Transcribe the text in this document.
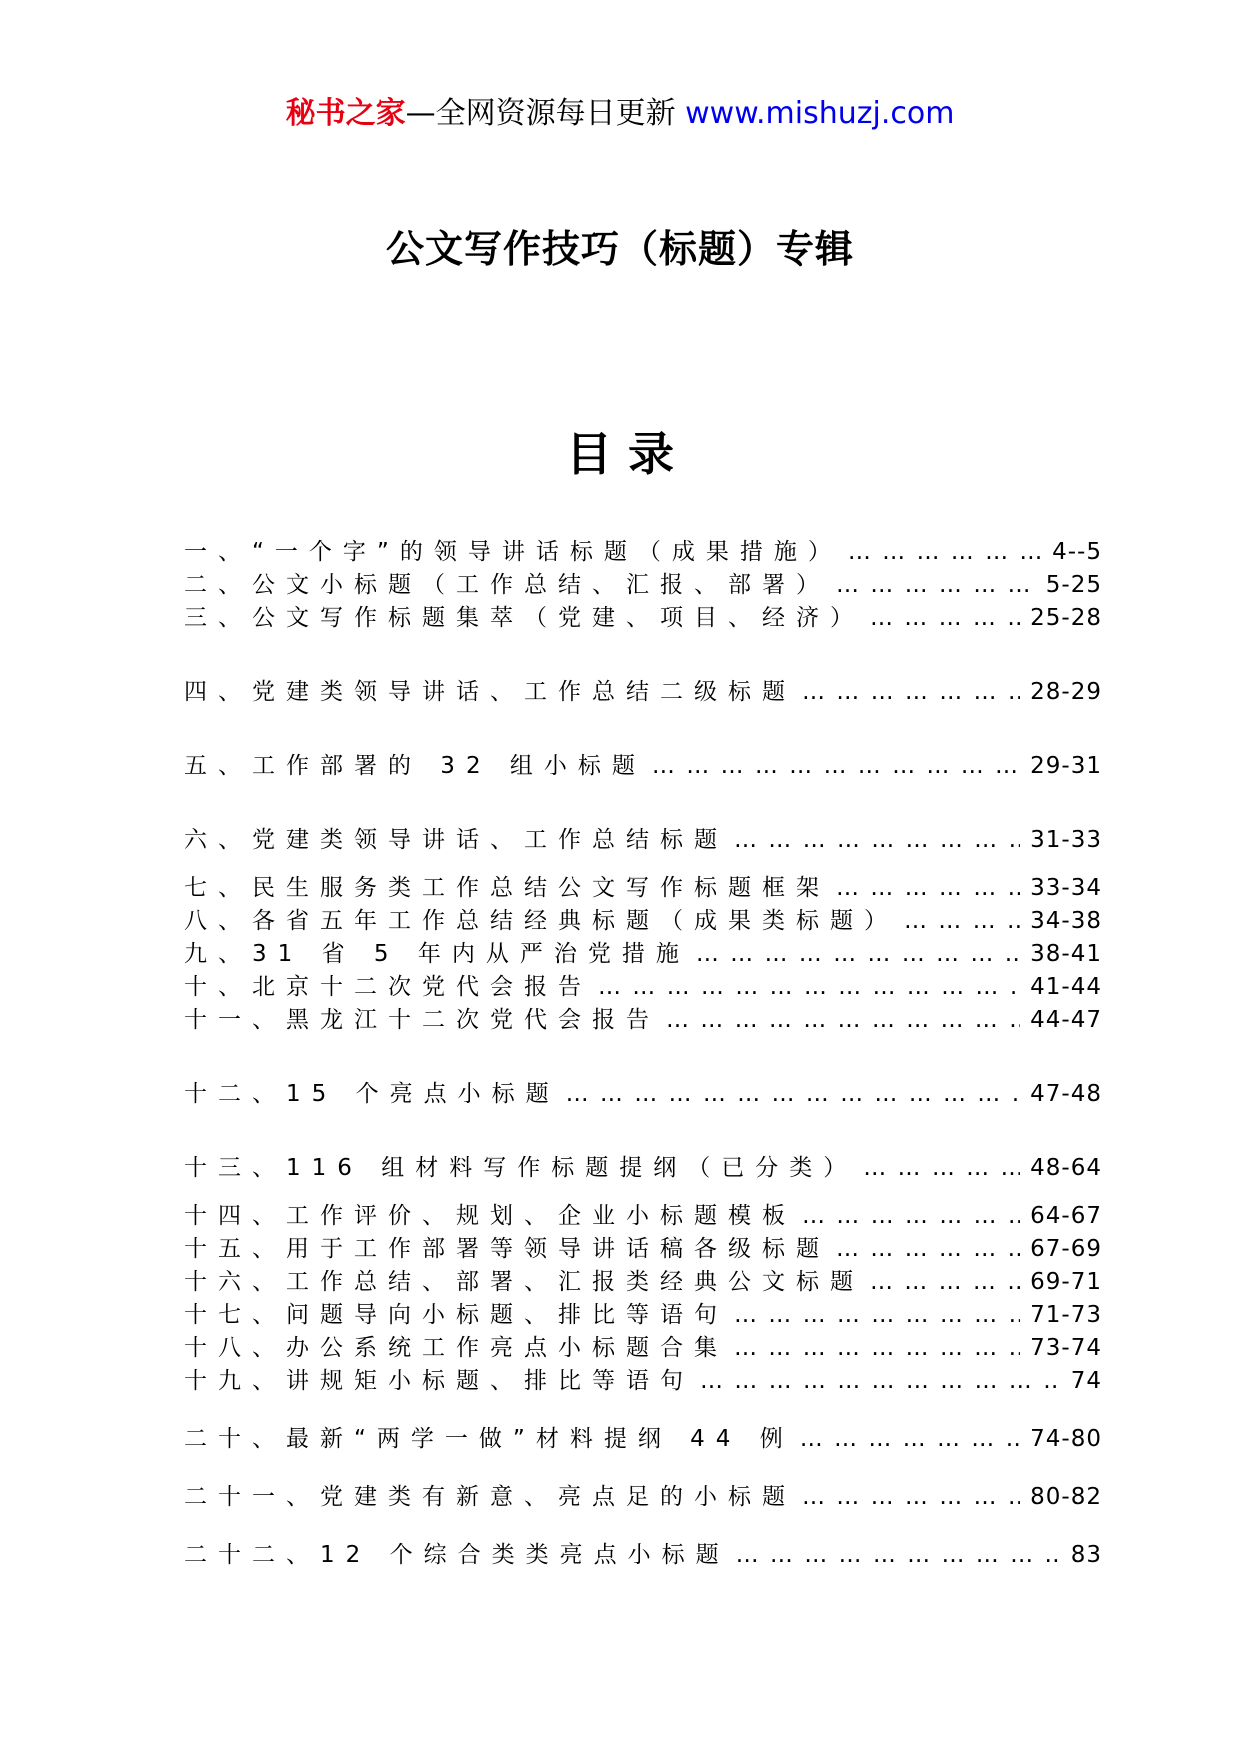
秘书之家—全网资源每日更新 www.mishuzj.com
公文写作技巧（标题）专辑
目录
一、“一个字”的领导讲话标题（成果措施） … … … … … … … … … … … … … … … … … … … … … … … … … … … … … … … … … … … … … … … … … … … …	4--5
二、公文小标题（工作总结、汇报、部署） … … … … … … … … … … … … … … … … … … … … … … … … … … … … … … … … … … … … … … … … … … … …	5-25
三、公文写作标题集萃（党建、项目、经济） … … … … … … … … … … … … … … … … … … … … … … … … … … … … … … … … … … … … … … … … … … … …	25-28
四、党建类领导讲话、工作总结二级标题 … … … … … … … … … … … … … … … … … … … … … … … … … … … … … … … … … … … … … … … … … … … …	28-29
五、工作部署的 32 组小标题 … … … … … … … … … … … … … … … … … … … … … … … … … … … … … … … … … … … … … … … … … … … …	29-31
六、党建类领导讲话、工作总结标题 … … … … … … … … … … … … … … … … … … … … … … … … … … … … … … … … … … … … … … … … … … … …	31-33
七、民生服务类工作总结公文写作标题框架 … … … … … … … … … … … … … … … … … … … … … … … … … … … … … … … … … … … … … … … … … … … …	33-34
八、各省五年工作总结经典标题（成果类标题） … … … … … … … … … … … … … … … … … … … … … … … … … … … … … … … … … … … … … … … … … … … …	34-38
九、31 省 5 年内从严治党措施 … … … … … … … … … … … … … … … … … … … … … … … … … … … … … … … … … … … … … … … … … … … …	38-41
十、北京十二次党代会报告 … … … … … … … … … … … … … … … … … … … … … … … … … … … … … … … … … … … … … … … … … … … …	41-44
十一、黑龙江十二次党代会报告 … … … … … … … … … … … … … … … … … … … … … … … … … … … … … … … … … … … … … … … … … … … …	44-47
十二、15 个亮点小标题 … … … … … … … … … … … … … … … … … … … … … … … … … … … … … … … … … … … … … … … … … … … …	47-48
十三、116 组材料写作标题提纲（已分类） … … … … … … … … … … … … … … … … … … … … … … … … … … … … … … … … … … … … … … … … … … … …	48-64
十四、工作评价、规划、企业小标题模板 … … … … … … … … … … … … … … … … … … … … … … … … … … … … … … … … … … … … … … … … … … … …	64-67
十五、用于工作部署等领导讲话稿各级标题 … … … … … … … … … … … … … … … … … … … … … … … … … … … … … … … … … … … … … … … … … … … …	67-69
十六、工作总结、部署、汇报类经典公文标题 … … … … … … … … … … … … … … … … … … … … … … … … … … … … … … … … … … … … … … … … … … … …	69-71
十七、问题导向小标题、排比等语句 … … … … … … … … … … … … … … … … … … … … … … … … … … … … … … … … … … … … … … … … … … … …	71-73
十八、办公系统工作亮点小标题合集 … … … … … … … … … … … … … … … … … … … … … … … … … … … … … … … … … … … … … … … … … … … …	73-74
十九、讲规矩小标题、排比等语句 … … … … … … … … … … … … … … … … … … … … … … … … … … … … … … … … … … … … … … … … … … … …	74
二十、最新“两学一做”材料提纲 44 例 … … … … … … … … … … … … … … … … … … … … … … … … … … … … … … … … … … … … … … … … … … … …	74-80
二十一、党建类有新意、亮点足的小标题 … … … … … … … … … … … … … … … … … … … … … … … … … … … … … … … … … … … … … … … … … … … …	80-82
二十二、12 个综合类类亮点小标题 … … … … … … … … … … … … … … … … … … … … … … … … … … … … … … … … … … … … … … … … … … … …	83
